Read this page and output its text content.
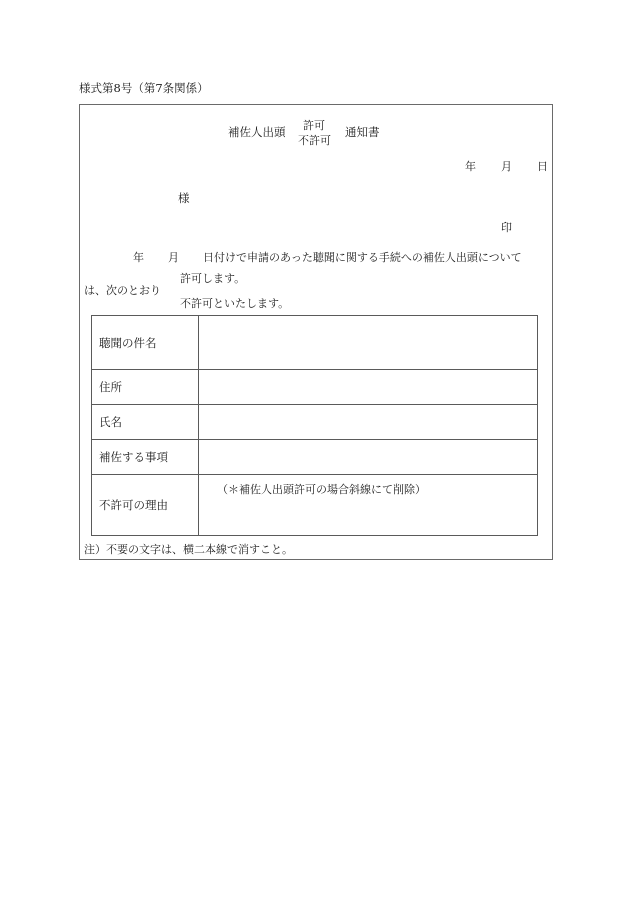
様式第8号（第7条関係）
補佐人出頭 許可
不許可
通知書
年 月 日
様
印
年 月 日付けで申請のあった聴聞に関する手続への補佐人出頭について
は、次のとおり
許可します。
不許可といたします。
聴聞の件名	
住所	
氏名	
補佐する事項	
不許可の理由	（＊補佐人出頭許可の場合斜線にて削除）
注）不要の文字は、横二本線で消すこと。
